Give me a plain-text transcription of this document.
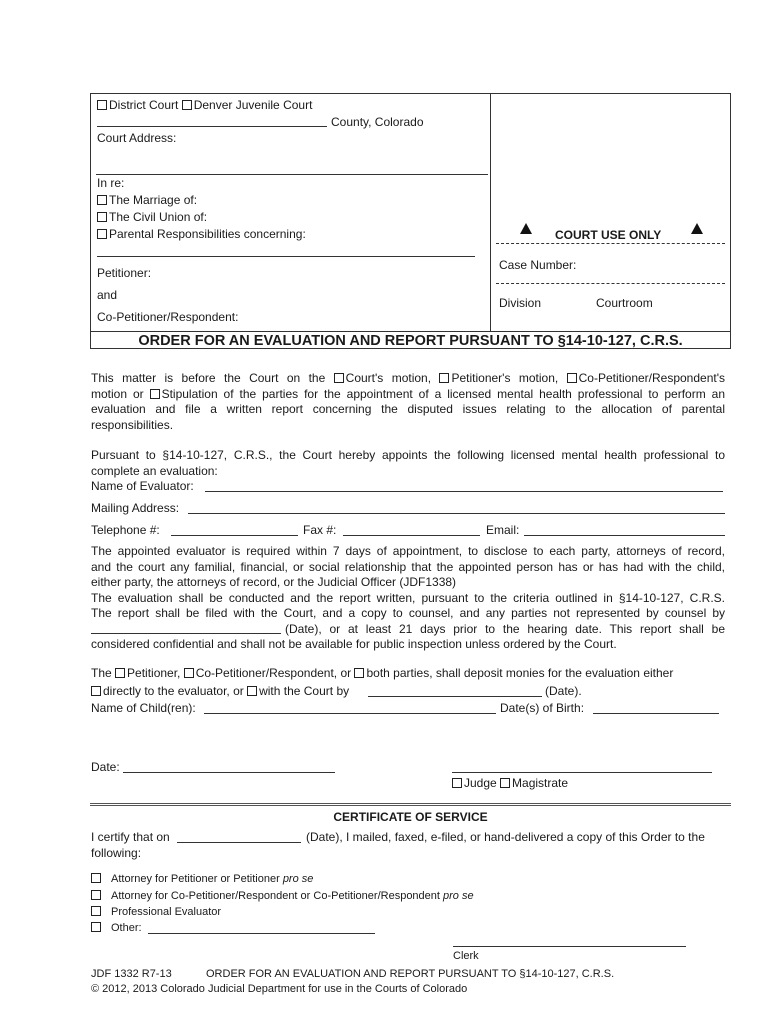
District Court Denver Juvenile Court
County, Colorado
Court Address:
In re:
The Marriage of:
The Civil Union of:
Parental Responsibilities concerning:
Petitioner:
and
Co-Petitioner/Respondent:
COURT USE ONLY
Case Number:
Division	Courtroom
ORDER FOR AN EVALUATION AND REPORT PURSUANT TO §14-10-127, C.R.S.
This matter is before the Court on the Court's motion, Petitioner's motion, Co-Petitioner/Respondent's
motion or Stipulation of the parties for the appointment of a licensed mental health professional to perform an
evaluation and file a written report concerning the disputed issues relating to the allocation of parental
responsibilities.
Pursuant to §14-10-127, C.R.S., the Court hereby appoints the following licensed mental health professional to
complete an evaluation:
Name of Evaluator:
Mailing Address:
Telephone #:	Fax #:	Email:
The appointed evaluator is required within 7 days of appointment, to disclose to each party, attorneys of record,
and the court any familial, financial, or social relationship that the appointed person has or has had with the child,
either party, the attorneys of record, or the Judicial Officer (JDF1338)
The evaluation shall be conducted and the report written, pursuant to the criteria outlined in §14-10-127, C.R.S.
The report shall be filed with the Court, and a copy to counsel, and any parties not represented by counsel by
(Date), or at least 21 days prior to the hearing date. This report shall be
considered confidential and shall not be available for public inspection unless ordered by the Court.
The Petitioner, Co-Petitioner/Respondent, or both parties, shall deposit monies for the evaluation either
directly to the evaluator, or with the Court by	(Date).
Name of Child(ren):	Date(s) of Birth:
Date:
Judge Magistrate
CERTIFICATE OF SERVICE
I certify that on	(Date), I mailed, faxed, e-filed, or hand-delivered a copy of this Order to the
following:
Attorney for Petitioner or Petitioner pro se
Attorney for Co-Petitioner/Respondent or Co-Petitioner/Respondent pro se
Professional Evaluator
Other:
Clerk
JDF 1332 R7-13	ORDER FOR AN EVALUATION AND REPORT PURSUANT TO §14-10-127, C.R.S.
© 2012, 2013 Colorado Judicial Department for use in the Courts of Colorado
